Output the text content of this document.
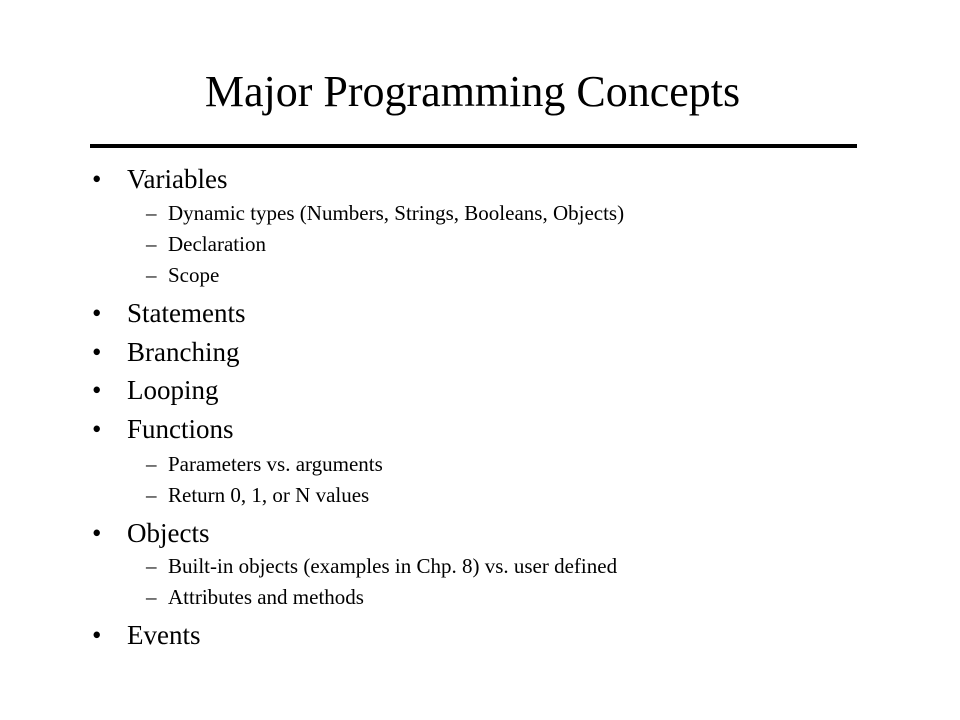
Major Programming Concepts
• Variables
– Dynamic types (Numbers, Strings, Booleans, Objects)
– Declaration
– Scope
• Statements
• Branching
• Looping
• Functions
– Parameters vs. arguments
– Return 0, 1, or N values
• Objects
– Built-in objects (examples in Chp. 8) vs. user defined
– Attributes and methods
• Events
